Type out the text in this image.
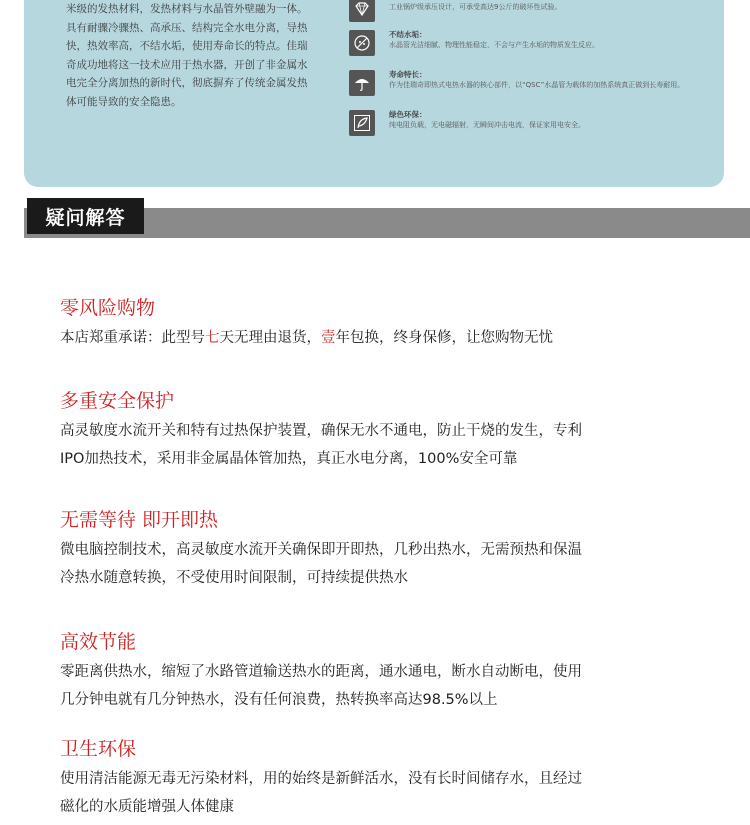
米级的发热材料，发热材料与水晶管外壁融为一体。

具有耐骤冷骤热、高承压、结构完全水电分离，导热

快，热效率高，不结水垢，使用寿命长的特点。佳瑞

奇成功地将这一技术应用于热水器，开创了非金属水

电完全分离加热的新时代，彻底摒弃了传统金属发热

体可能导致的安全隐患。

工业锅炉级承压设计，可承受高达9公斤的破坏性试验。
不结水垢：
水晶管光洁细腻、物理性能稳定，不会与产生水垢的物质发生反应。
寿命特长：
作为佳瑞奇即热式电热水器的核心部件，以“QSC”水晶管为载体的加热系统真正做到长寿耐用。
绿色环保：
纯电阻负载，无电磁辐射，无瞬间冲击电流，保证家用电安全。
疑问解答

零风险购物

本店郑重承诺：此型号七天无理由退货，壹年包换，终身保修，让您购物无忧

多重安全保护

高灵敏度水流开关和特有过热保护装置，确保无水不通电，防止干烧的发生，专利
IPO加热技术，采用非金属晶体管加热，真正水电分离，100%安全可靠

无需等待 即开即热

微电脑控制技术，高灵敏度水流开关确保即开即热，几秒出热水，无需预热和保温
冷热水随意转换，不受使用时间限制，可持续提供热水

高效节能

零距离供热水，缩短了水路管道输送热水的距离，通水通电，断水自动断电，使用
几分钟电就有几分钟热水，没有任何浪费，热转换率高达98.5%以上

卫生环保

使用清洁能源无毒无污染材料，用的始终是新鲜活水，没有长时间储存水，且经过
磁化的水质能增强人体健康
